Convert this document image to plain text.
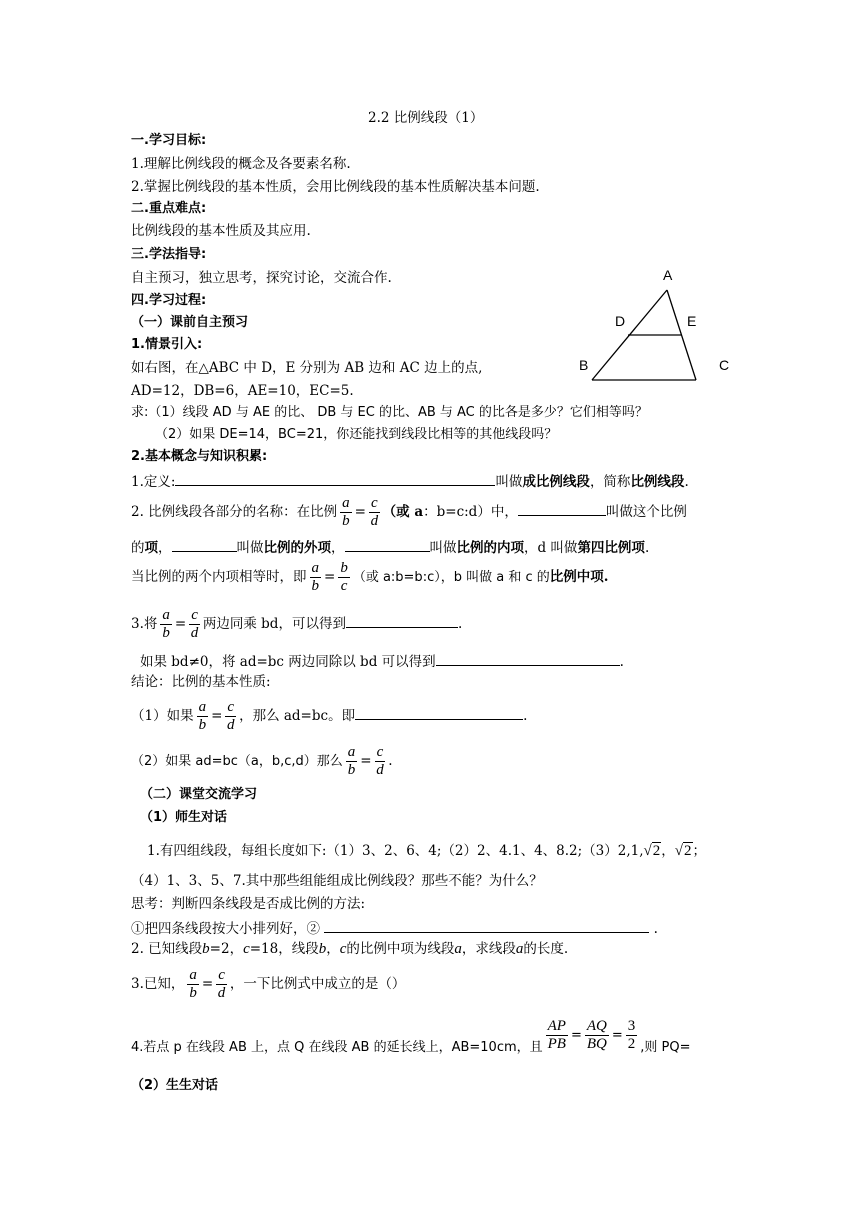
2.2 比例线段（1）
一.学习目标:
1.理解比例线段的概念及各要素名称.
2.掌握比例线段的基本性质，会用比例线段的基本性质解决基本问题.
二.重点难点:
比例线段的基本性质及其应用.
三.学法指导:
自主预习，独立思考，探究讨论，交流合作.
四.学习过程:
（一）课前自主预习
1.情景引入:
如右图，在△ABC 中 D，E 分别为 AB 边和 AC 边上的点,
AD=12，DB=6，AE=10，EC=5.
求:（1）线段 AD 与 AE 的比、 DB 与 EC 的比、AB 与 AC 的比各是多少？它们相等吗？
（2）如果 DE=14，BC=21，你还能找到线段比相等的其他线段吗？
A
D	E
B	C
2.基本概念与知识积累:
1.定义:	叫做成比例线段，简称比例线段.
2. 比例线段各部分的名称：在比例 $\frac{a}{b} = \frac{c}{d}$ （或 a：b=c:d）中，	叫做这个比例
的项，	叫做比例的外项，	叫做比例的内项，d 叫做第四比例项.
当比例的两个内项相等时，即 $\frac{a}{b} = \frac{b}{c}$ （或 a:b=b:c），b 叫做 a 和 c 的比例中项.
3.将 $\frac{a}{b} = \frac{c}{d}$ 两边同乘 bd，可以得到	.
如果 bd≠0，将 ad=bc 两边同除以 bd 可以得到	.
结论：比例的基本性质:
（1）如果 $\frac{a}{b} = \frac{c}{d}$ ，那么 ad=bc。即	.
（2）如果 ad=bc（a，b,c,d）那么 $\frac{a}{b} = \frac{c}{d}$ .
（二）课堂交流学习
（1）师生对话
1.有四组线段，每组长度如下:（1）3、2、6、4;（2）2、4.1、4、8.2;（3）2,1,√2，√2；
（4）1、3、5、7.其中那些组能组成比例线段？那些不能？为什么？
思考：判断四条线段是否成比例的方法:
①把四条线段按大小排列好，②	.
2. 已知线段b=2，c=18，线段b，c的比例中项为线段a，求线段a的长度.
3.已知， $\frac{a}{b} = \frac{c}{d}$ ，一下比例式中成立的是（）
4.若点 p 在线段 AB 上，点 Q 在线段 AB 的延长线上，AB=10cm，且 $\frac{AP}{PB} = \frac{AQ}{BQ} = \frac{3}{2}$ ,则 PQ=
（2）生生对话
